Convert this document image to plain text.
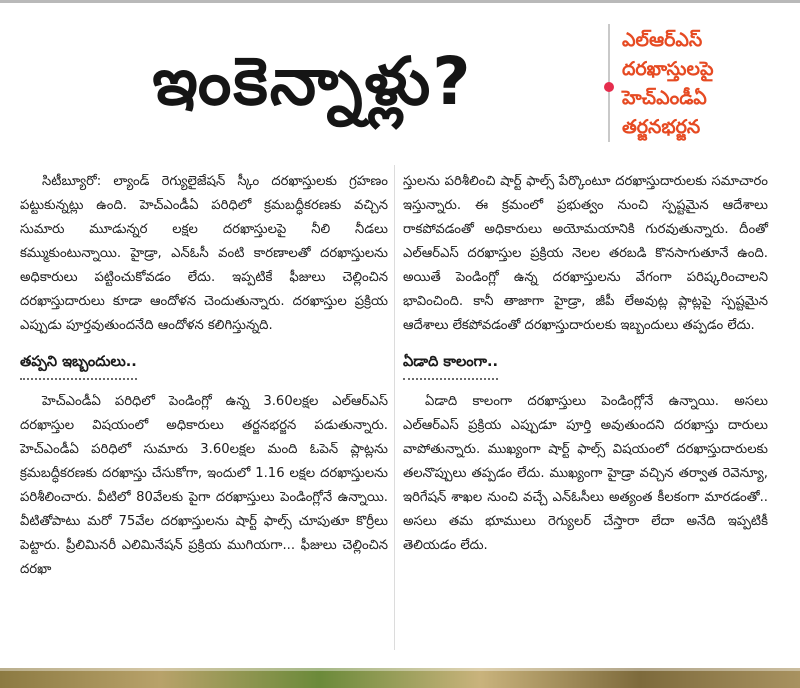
ఇంకెన్నాళ్లు?
ఎల్ఆర్ఎస్
దరఖాస్తులపై
హెచ్ఎండీఏ
తర్జనభర్జన

సిటీబ్యూరో: ల్యాండ్ రెగ్యులైజేషన్ స్కీం దరఖాస్తులకు గ్రహణం పట్టుకున్నట్లు ఉంది. హెచ్ఎండీఏ పరిధిలో క్రమబద్ధీకరణకు వచ్చిన సుమారు మూడున్నర లక్షల దరఖాస్తులపై నీలి నీడలు కమ్ముకుంటున్నాయి. హైడ్రా, ఎన్ఓసీ వంటి కారణాలతో దరఖాస్తులను అధికారులు పట్టించుకోవడం లేదు. ఇప్పటికే ఫీజులు చెల్లించిన దరఖాస్తుదారులు కూడా ఆందోళన చెందుతున్నారు. దరఖాస్తుల ప్రక్రియ ఎప్పుడు పూర్తవుతుందనేది ఆందోళన కలిగిస్తున్నది.

తప్పని ఇబ్బందులు..

హెచ్ఎండీఏ పరిధిలో పెండింగ్లో ఉన్న 3.60లక్షల ఎల్ఆర్ఎస్ దరఖాస్తుల విషయంలో అధికారులు తర్జనభర్జన పడుతున్నారు. హెచ్ఎండీఏ పరిధిలో సుమారు 3.60లక్షల మంది ఓపెన్ ప్లాట్లను క్రమబద్ధీకరణకు దరఖాస్తు చేసుకోగా, ఇందులో 1.16 లక్షల దరఖాస్తులను పరిశీలించారు. వీటిలో 80వేలకు పైగా దరఖాస్తులు పెండింగ్లోనే ఉన్నాయి. వీటితోపాటు మరో 75వేల దరఖాస్తులను షార్ట్ ఫాల్స్ చూపుతూ కొర్రీలు పెట్టారు. ప్రీలిమినరీ ఎలిమినేషన్ ప్రక్రియ ముగియగా... ఫీజులు చెల్లించిన దరఖా

స్తులను పరిశీలించి షార్ట్ ఫాల్స్ పేర్కొంటూ దరఖాస్తుదారులకు సమాచారం ఇస్తున్నారు. ఈ క్రమంలో ప్రభుత్వం నుంచి స్పష్టమైన ఆదేశాలు రాకపోవడంతో అధికారులు అయోమయానికి గురవుతున్నారు. దీంతో ఎల్ఆర్ఎస్ దరఖాస్తుల ప్రక్రియ నెలల తరబడి కొనసాగుతూనే ఉంది. అయితే పెండింగ్లో ఉన్న దరఖాస్తులను వేగంగా పరిష్కరించాలని భావించింది. కానీ తాజాగా హైడ్రా, జీపీ లేఅవుట్ల ప్లాట్లపై స్పష్టమైన ఆదేశాలు లేకపోవడంతో దరఖాస్తుదారులకు ఇబ్బందులు తప్పడం లేదు.

ఏడాది కాలంగా..

ఏడాది కాలంగా దరఖాస్తులు పెండింగ్లోనే ఉన్నాయి. అసలు ఎల్ఆర్ఎస్ ప్రక్రియ ఎప్పుడూ పూర్తి అవుతుందని దరఖాస్తు దారులు వాపోతున్నారు. ముఖ్యంగా షార్ట్ ఫాల్స్ విషయంలో దరఖాస్తుదారులకు తలనొప్పులు తప్పడం లేదు. ముఖ్యంగా హైడ్రా వచ్చిన తర్వాత రెవెన్యూ, ఇరిగేషన్ శాఖల నుంచి వచ్చే ఎన్ఓసీలు అత్యంత కీలకంగా మారడంతో.. అసలు తమ భూములు రెగ్యులర్ చేస్తారా లేదా అనేది ఇప్పటికీ తెలియడం లేదు.
